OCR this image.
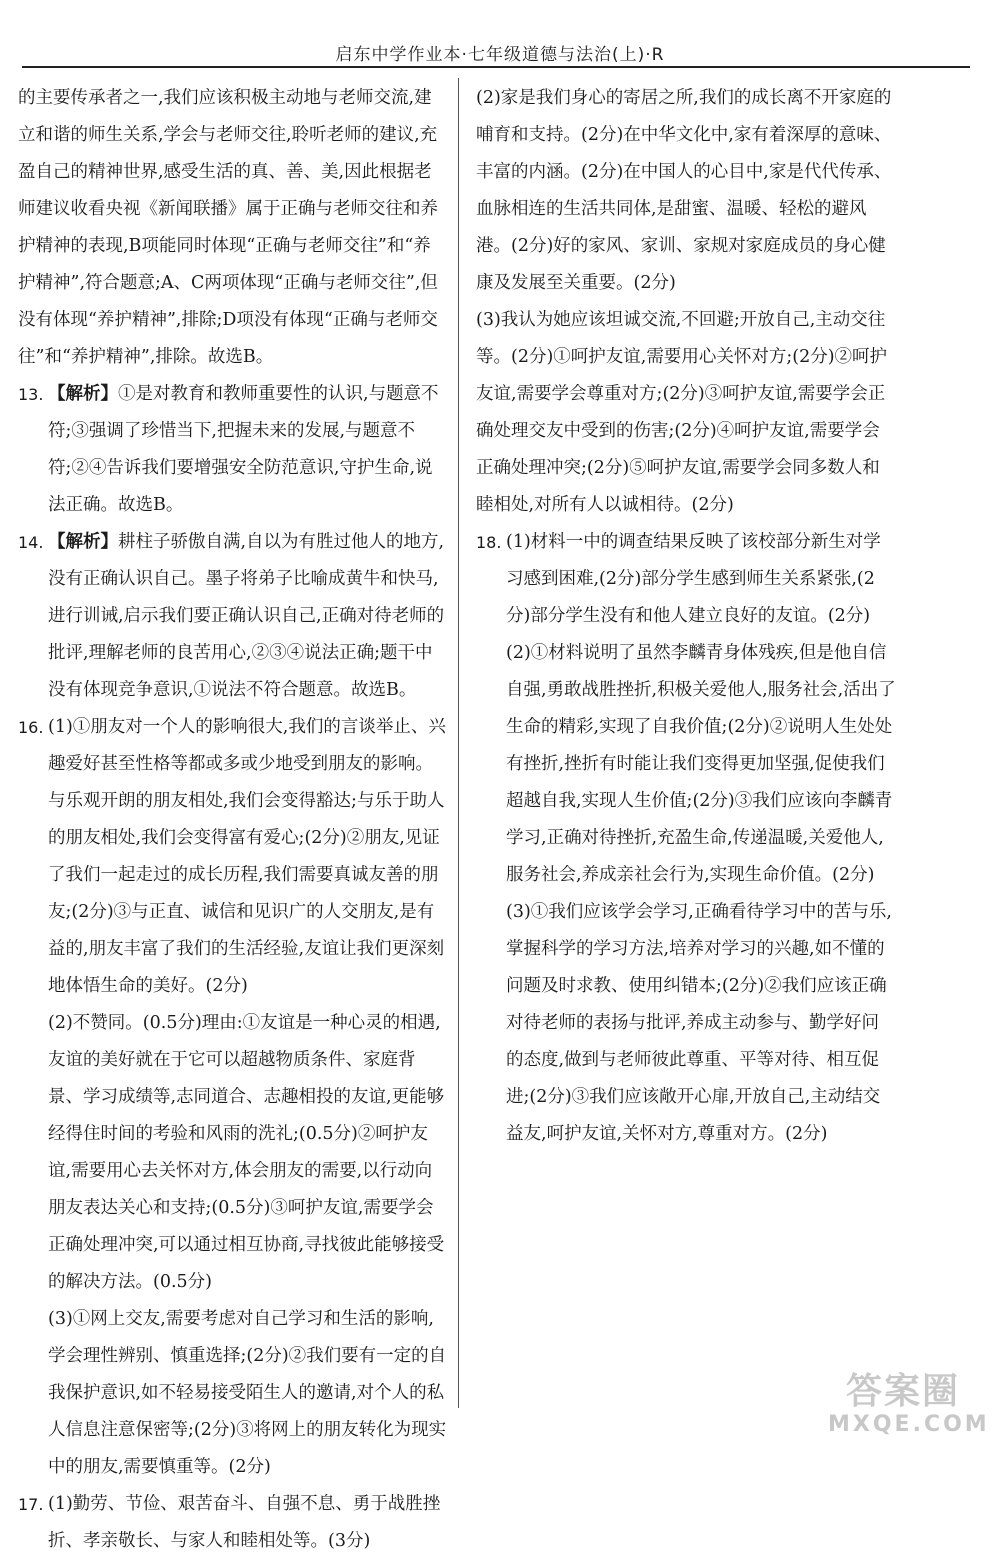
启东中学作业本·七年级道德与法治(上)·R
的主要传承者之一,我们应该积极主动地与老师交流,建立和谐的师生关系,学会与老师交往,聆听老师的建议,充盈自己的精神世界,感受生活的真、善、美,因此根据老师建议收看央视《新闻联播》属于正确与老师交往和养护精神的表现,B项能同时体现“正确与老师交往”和“养护精神”,符合题意;A、C两项体现“正确与老师交往”,但没有体现“养护精神”,排除;D项没有体现“正确与老师交往”和“养护精神”,排除。故选B。
13. 【解析】①是对教育和教师重要性的认识,与题意不符;③强调了珍惜当下,把握未来的发展,与题意不符;②④告诉我们要增强安全防范意识,守护生命,说法正确。故选B。
14. 【解析】耕柱子骄傲自满,自以为有胜过他人的地方,没有正确认识自己。墨子将弟子比喻成黄牛和快马,进行训诫,启示我们要正确认识自己,正确对待老师的批评,理解老师的良苦用心,②③④说法正确;题干中没有体现竞争意识,①说法不符合题意。故选B。
16. (1)①朋友对一个人的影响很大,我们的言谈举止、兴趣爱好甚至性格等都或多或少地受到朋友的影响。与乐观开朗的朋友相处,我们会变得豁达;与乐于助人的朋友相处,我们会变得富有爱心;(2分)②朋友,见证了我们一起走过的成长历程,我们需要真诚友善的朋友;(2分)③与正直、诚信和见识广的人交朋友,是有益的,朋友丰富了我们的生活经验,友谊让我们更深刻地体悟生命的美好。(2分)
(2)不赞同。(0.5分)理由:①友谊是一种心灵的相遇,友谊的美好就在于它可以超越物质条件、家庭背景、学习成绩等,志同道合、志趣相投的友谊,更能够经得住时间的考验和风雨的洗礼;(0.5分)②呵护友谊,需要用心去关怀对方,体会朋友的需要,以行动向朋友表达关心和支持;(0.5分)③呵护友谊,需要学会正确处理冲突,可以通过相互协商,寻找彼此能够接受的解决方法。(0.5分)
(3)①网上交友,需要考虑对自己学习和生活的影响,学会理性辨别、慎重选择;(2分)②我们要有一定的自我保护意识,如不轻易接受陌生人的邀请,对个人的私人信息注意保密等;(2分)③将网上的朋友转化为现实中的朋友,需要慎重等。(2分)
17. (1)勤劳、节俭、艰苦奋斗、自强不息、勇于战胜挫折、孝亲敬长、与家人和睦相处等。(3分)
(2)家是我们身心的寄居之所,我们的成长离不开家庭的哺育和支持。(2分)在中华文化中,家有着深厚的意味、丰富的内涵。(2分)在中国人的心目中,家是代代传承、血脉相连的生活共同体,是甜蜜、温暖、轻松的避风港。(2分)好的家风、家训、家规对家庭成员的身心健康及发展至关重要。(2分)
(3)我认为她应该坦诚交流,不回避;开放自己,主动交往等。(2分)①呵护友谊,需要用心关怀对方;(2分)②呵护友谊,需要学会尊重对方;(2分)③呵护友谊,需要学会正确处理交友中受到的伤害;(2分)④呵护友谊,需要学会正确处理冲突;(2分)⑤呵护友谊,需要学会同多数人和睦相处,对所有人以诚相待。(2分)
18. (1)材料一中的调查结果反映了该校部分新生对学习感到困难,(2分)部分学生感到师生关系紧张,(2分)部分学生没有和他人建立良好的友谊。(2分)
(2)①材料说明了虽然李麟青身体残疾,但是他自信自强,勇敢战胜挫折,积极关爱他人,服务社会,活出了生命的精彩,实现了自我价值;(2分)②说明人生处处有挫折,挫折有时能让我们变得更加坚强,促使我们超越自我,实现人生价值;(2分)③我们应该向李麟青学习,正确对待挫折,充盈生命,传递温暖,关爱他人,服务社会,养成亲社会行为,实现生命价值。(2分)
(3)①我们应该学会学习,正确看待学习中的苦与乐,掌握科学的学习方法,培养对学习的兴趣,如不懂的问题及时求教、使用纠错本;(2分)②我们应该正确对待老师的表扬与批评,养成主动参与、勤学好问的态度,做到与老师彼此尊重、平等对待、相互促进;(2分)③我们应该敞开心扉,开放自己,主动结交益友,呵护友谊,关怀对方,尊重对方。(2分)
答案圈
MXQE.COM
